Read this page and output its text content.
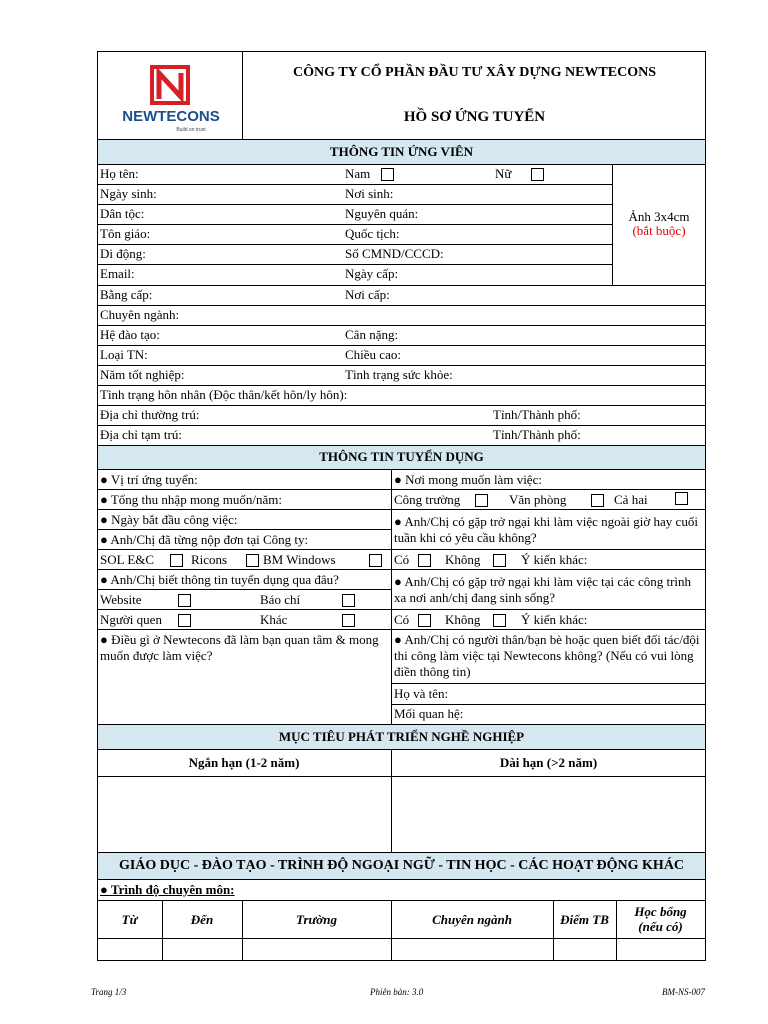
NEWTECONS
Build on trust
CÔNG TY CỔ PHẦN ĐẦU TƯ XÂY DỰNG NEWTECONS
HỒ SƠ ỨNG TUYỂN
THÔNG TIN ỨNG VIÊN
Họ tên:	Nam	Nữ
Ngày sinh:	Nơi sinh:
Dân tộc:	Nguyên quán:
Tôn giáo:	Quốc tịch:
Di động:	Số CMND/CCCD:
Email:	Ngày cấp:
Bằng cấp:	Nơi cấp:
Chuyên ngành:
Hệ đào tạo:	Cân nặng:
Loại TN:	Chiều cao:
Năm tốt nghiệp:	Tình trạng sức khỏe:
Tình trạng hôn nhân (Độc thân/kết hôn/ly hôn):
Địa chỉ thường trú:	Tỉnh/Thành phố:
Địa chỉ tạm trú:	Tỉnh/Thành phố:
Ảnh 3x4cm
(bắt buộc)
THÔNG TIN TUYỂN DỤNG
● Vị trí ứng tuyển:	● Nơi mong muốn làm việc:
● Tổng thu nhập mong muốn/năm:	Công trường	Văn phòng	Cả hai
● Ngày bắt đầu công việc:	● Anh/Chị có gặp trở ngại khi làm việc ngoài giờ hay cuối tuần khi có yêu cầu không?
● Anh/Chị đã từng nộp đơn tại Công ty:
SOL E&C	Ricons	BM Windows	Có	Không	Ý kiến khác:
● Anh/Chị biết thông tin tuyển dụng qua đâu?	● Anh/Chị có gặp trở ngại khi làm việc tại các công trình xa nơi anh/chị đang sinh sống?
Website	Báo chí
Người quen	Khác	Có	Không	Ý kiến khác:
● Điều gì ở Newtecons đã làm bạn quan tâm & mong muốn được làm việc?
● Anh/Chị có người thân/bạn bè hoặc quen biết đối tác/đội thi công làm việc tại Newtecons không? (Nếu có vui lòng điền thông tin)
Họ và tên:
Mối quan hệ:
MỤC TIÊU PHÁT TRIỂN NGHỀ NGHIỆP
Ngắn hạn (1-2 năm)	Dài hạn (>2 năm)
GIÁO DỤC - ĐÀO TẠO - TRÌNH ĐỘ NGOẠI NGỮ - TIN HỌC - CÁC HOẠT ĐỘNG KHÁC
● Trình độ chuyên môn:
Từ	Đến	Trường	Chuyên ngành	Điểm TB
Học bổng
(nếu có)
Trang 1/3	Phiên bản: 3.0	BM-NS-007
